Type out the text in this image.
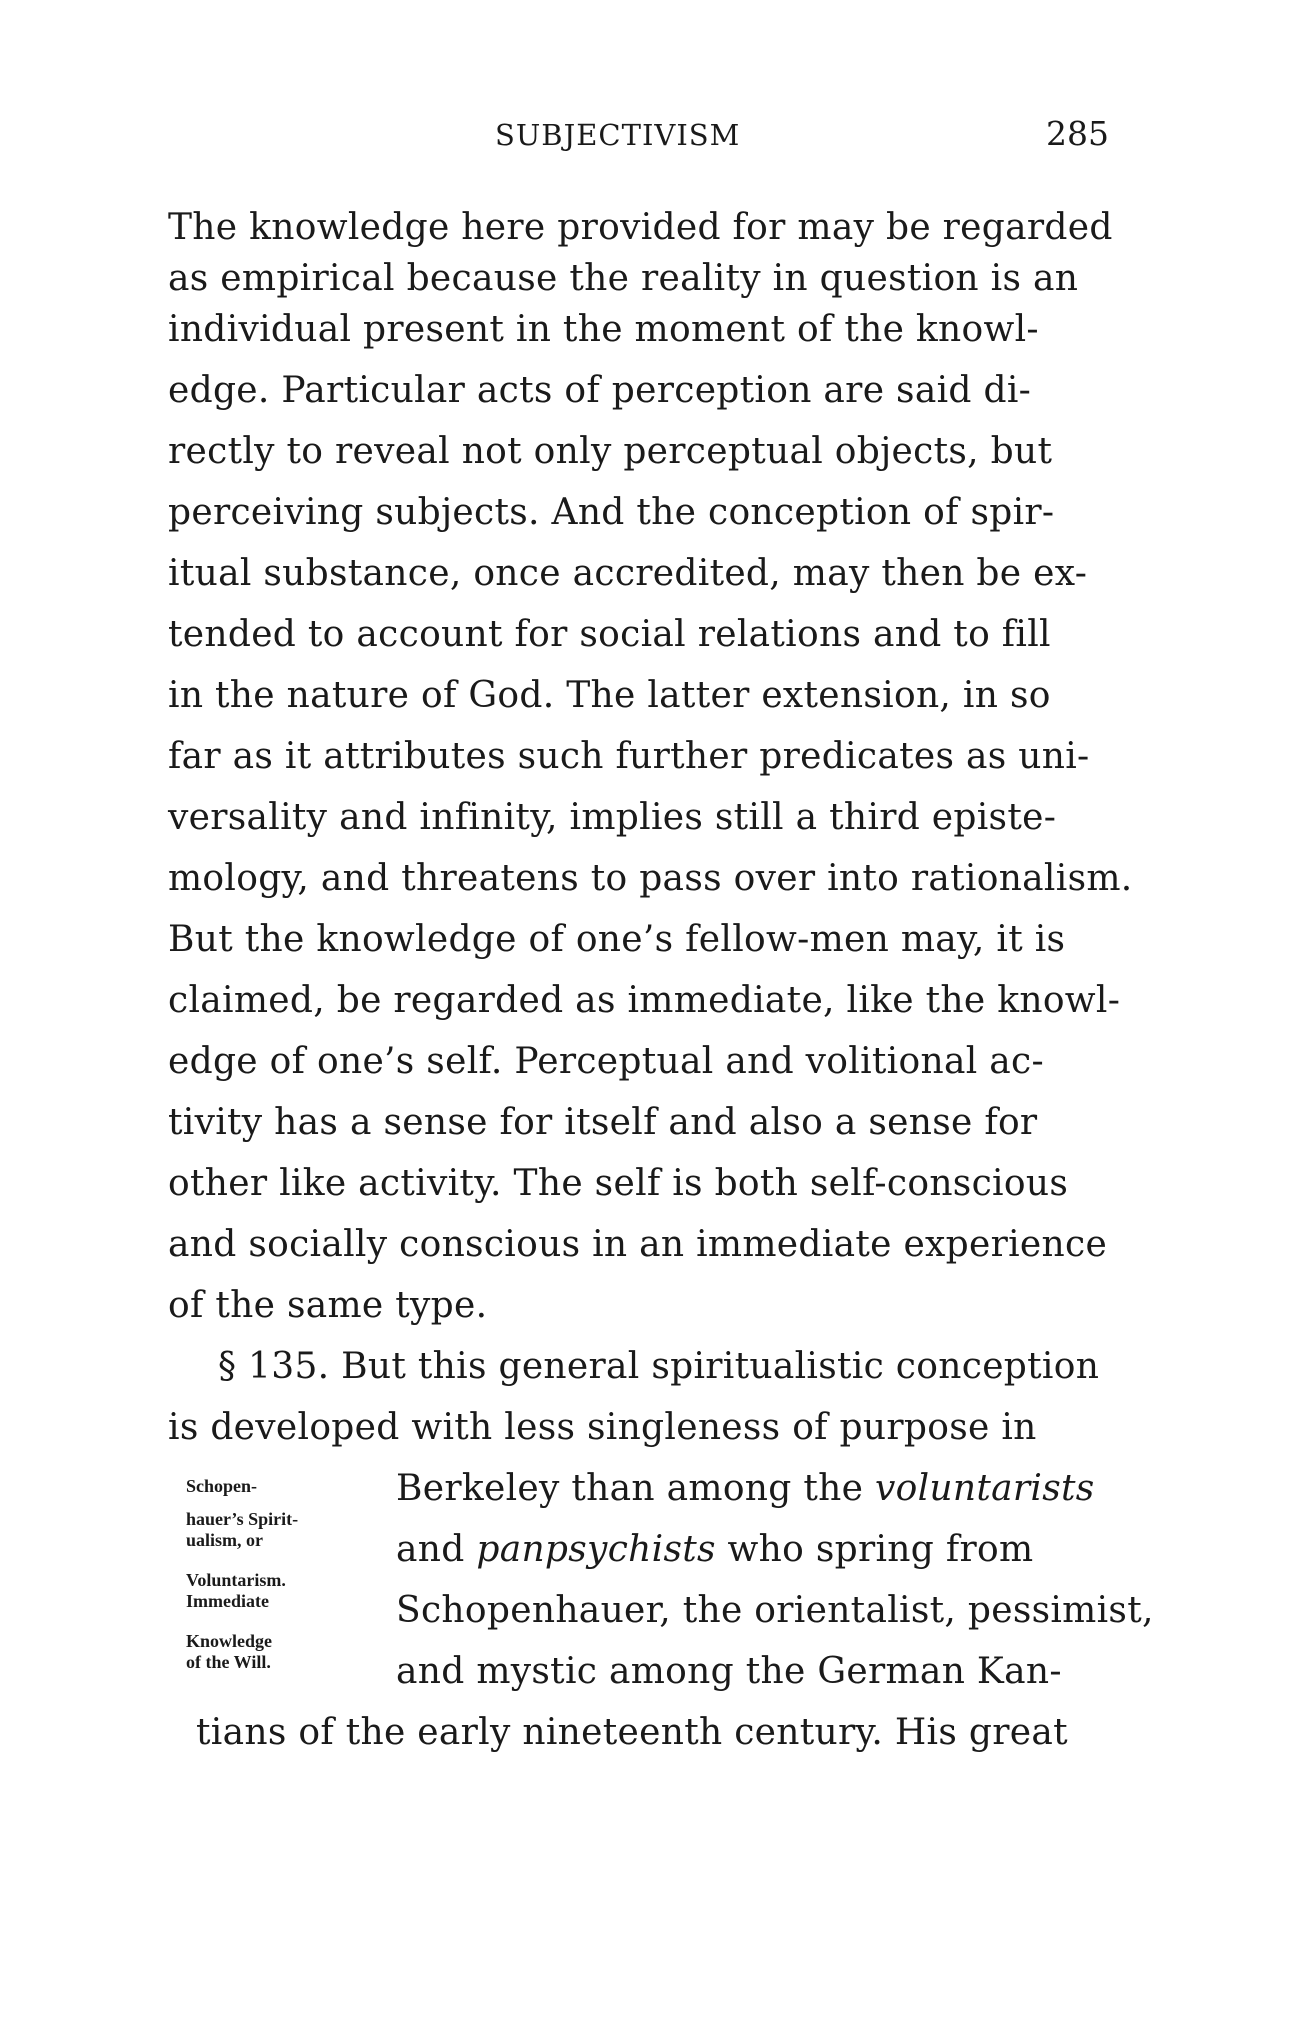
SUBJECTIVISM	285
The knowledge here provided for may be regarded
as empirical because the reality in question is an
individual present in the moment of the knowl-
edge. Particular acts of perception are said di-
rectly to reveal not only perceptual objects, but
perceiving subjects. And the conception of spir-
itual substance, once accredited, may then be ex-
tended to account for social relations and to fill
in the nature of God. The latter extension, in so
far as it attributes such further predicates as uni-
versality and infinity, implies still a third episte-
mology, and threatens to pass over into rationalism.
But the knowledge of one’s fellow-men may, it is
claimed, be regarded as immediate, like the knowl-
edge of one’s self. Perceptual and volitional ac-
tivity has a sense for itself and also a sense for
other like activity. The self is both self-conscious
and socially conscious in an immediate experience
of the same type.
§ 135. But this general spiritualistic conception
is developed with less singleness of purpose in
Berkeley than among the voluntarists
and panpsychists who spring from
Schopenhauer, the orientalist, pessimist,
and mystic among the German Kan-
tians of the early nineteenth century. His great
Schopen-
hauer’s Spirit-
ualism, or
Voluntarism.
Immediate
Knowledge
of the Will.
